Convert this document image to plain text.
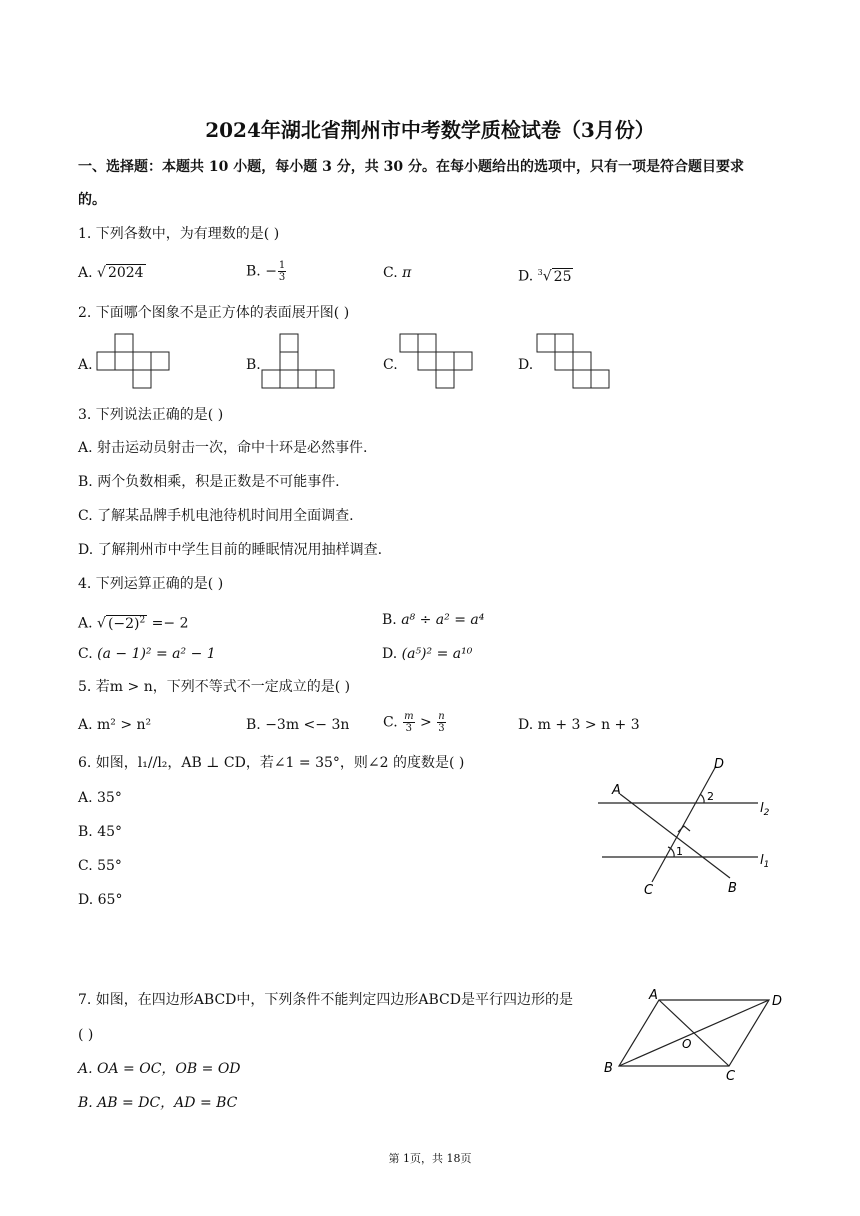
2024年湖北省荆州市中考数学质检试卷（3月份）
一、选择题：本题共 10 小题，每小题 3 分，共 30 分。在每小题给出的选项中，只有一项是符合题目要求
的。
1. 下列各数中，为有理数的是( )
A. √ 2024	B. − $\frac{1}{3}$	C. π	D. $^3$√ 25
2. 下面哪个图象不是正方体的表面展开图( )
A.	B.	C.	D.
3. 下列说法正确的是( )
A. 射击运动员射击一次，命中十环是必然事件.
B. 两个负数相乘，积是正数是不可能事件.
C. 了解某品牌手机电池待机时间用全面调查.
D. 了解荆州市中学生目前的睡眠情况用抽样调查.
4. 下列运算正确的是( )
A. √ $(-2)^2 =- 2$	B. a⁸ ÷ a² = a⁴
C. (a − 1)² = a² − 1	D. (a⁵)² = a¹⁰
5. 若m > n，下列不等式不一定成立的是( )
A. m² > n²	B. −3m <− 3n C. $\frac{m}{3} > \frac{n}{3}$	D. m + 3 > n + 3
6. 如图，l₁//l₂，AB ⊥ CD，若∠1 = 35°，则∠2 的度数是( )
A. 35°
B. 45°
C. 55°
D. 65°
A
B
C
D
$l_2$
$l_1$
1
2
7. 如图，在四边形ABCD中，下列条件不能判定四边形ABCD是平行四边形的是
( )
A. OA = OC，OB = OD
B. AB = DC，AD = BC
A
B
C
D
O
第 1页，共 18页
